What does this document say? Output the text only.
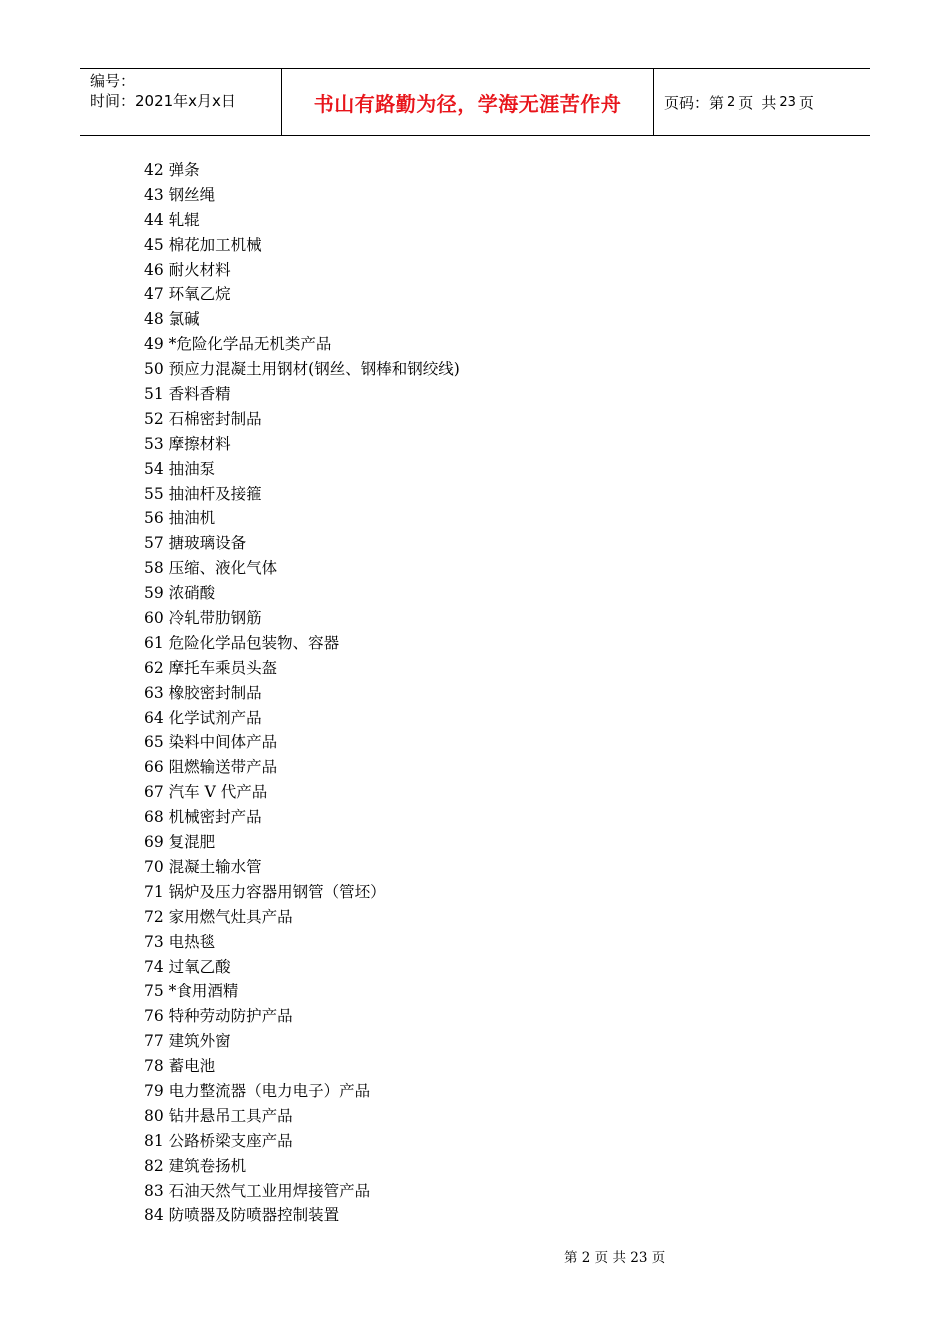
编号：
时间：2021年x月x日	书山有路勤为径，学海无涯苦作舟	页码：第 2 页 共 23 页
42 弹条
43 钢丝绳
44 轧辊
45 棉花加工机械
46 耐火材料
47 环氧乙烷
48 氯碱
49 *危险化学品无机类产品
50 预应力混凝土用钢材(钢丝、钢棒和钢绞线)
51 香料香精
52 石棉密封制品
53 摩擦材料
54 抽油泵
55 抽油杆及接箍
56 抽油机
57 搪玻璃设备
58 压缩、液化气体
59 浓硝酸
60 冷轧带肋钢筋
61 危险化学品包装物、容器
62 摩托车乘员头盔
63 橡胶密封制品
64 化学试剂产品
65 染料中间体产品
66 阻燃输送带产品
67 汽车 V 代产品
68 机械密封产品
69 复混肥
70 混凝土输水管
71 锅炉及压力容器用钢管（管坯）
72 家用燃气灶具产品
73 电热毯
74 过氧乙酸
75 *食用酒精
76 特种劳动防护产品
77 建筑外窗
78 蓄电池
79 电力整流器（电力电子）产品
80 钻井悬吊工具产品
81 公路桥梁支座产品
82 建筑卷扬机
83 石油天然气工业用焊接管产品
84 防喷器及防喷器控制装置
第 2 页 共 23 页
